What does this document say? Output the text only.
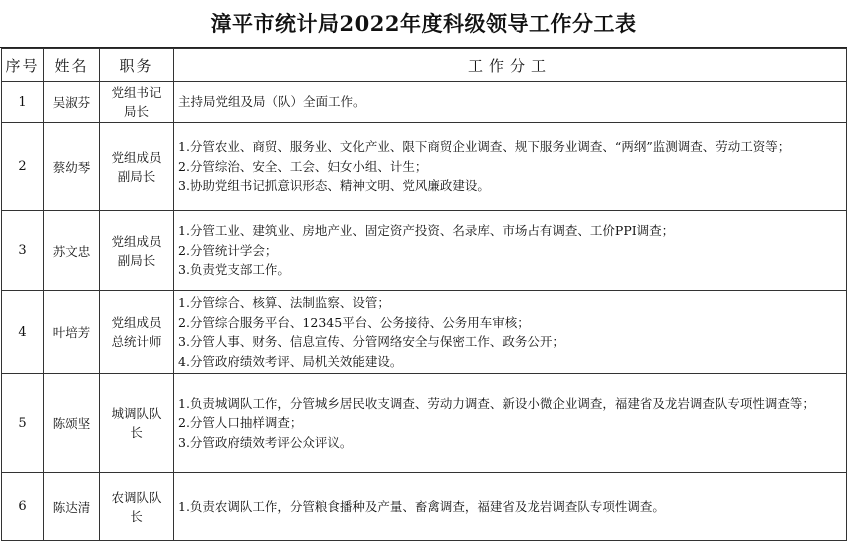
漳平市统计局2022年度科级领导工作分工表
序号	姓名	职务	工作分工
1	吴淑芬	党组书记局长	主持局党组及局（队）全面工作。

2	蔡幼琴	党组成员副局长	1.分管农业、商贸、服务业、文化产业、限下商贸企业调查、规下服务业调查、“两纲”监测调查、劳动工资等；
2.分管综治、安全、工会、妇女小组、计生；
3.协助党组书记抓意识形态、精神文明、党风廉政建设。

3	苏文忠	党组成员副局长	1.分管工业、建筑业、房地产业、固定资产投资、名录库、市场占有调查、工价PPI调查；
2.分管统计学会；
3.负责党支部工作。

4	叶培芳	党组成员总统计师	1.分管综合、核算、法制监察、设管；
2.分管综合服务平台、12345平台、公务接待、公务用车审核；
3.分管人事、财务、信息宣传、分管网络安全与保密工作、政务公开；
4.分管政府绩效考评、局机关效能建设。

5	陈颂坚	城调队队长	1.负责城调队工作，分管城乡居民收支调查、劳动力调查、新设小微企业调查，福建省及龙岩调查队专项性调查等；
2.分管人口抽样调查；
3.分管政府绩效考评公众评议。

6	陈达清	农调队队长	1.负责农调队工作，分管粮食播种及产量、畜禽调查，福建省及龙岩调查队专项性调查。
